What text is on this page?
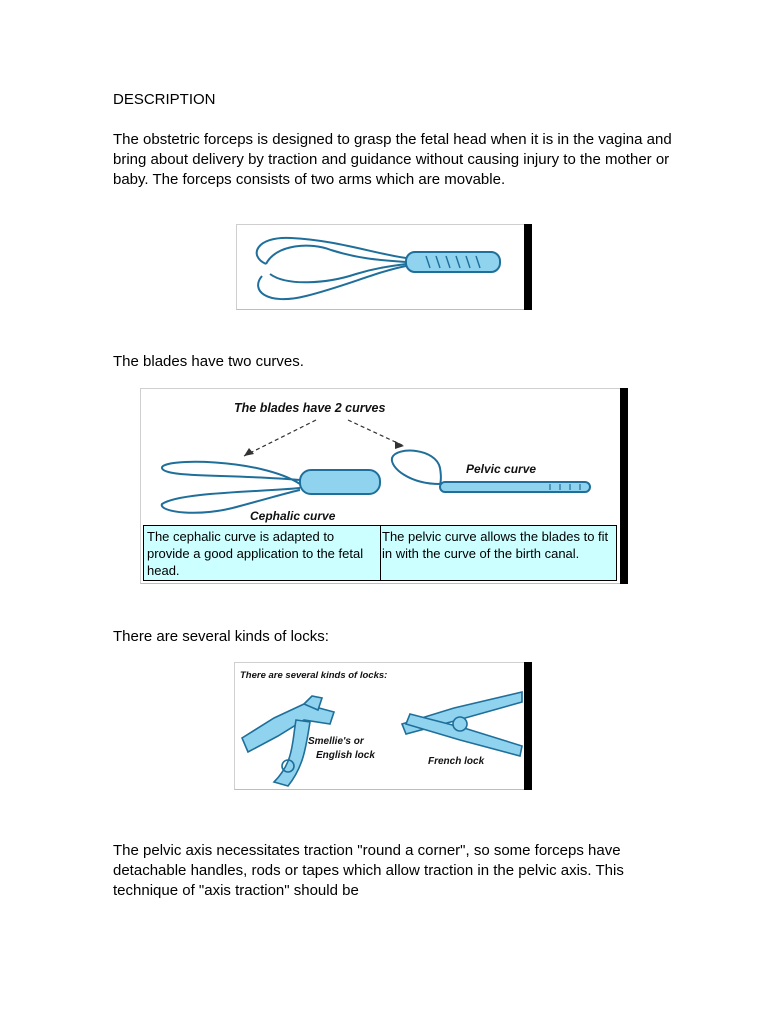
DESCRIPTION

The obstetric forceps is designed to grasp the fetal head when it is in the vagina and bring about delivery by traction and guidance without causing injury to the mother or baby. The forceps consists of two arms which are movable.

The blades have two curves.

The blades have 2 curves
Pelvic curve
Cephalic curve
The cephalic curve is adapted to provide a good application to the fetal head.
The pelvic curve allows the blades to fit in with the curve of the birth canal.

There are several kinds of locks:

There are several kinds of locks:
Smellie's or
English lock
French lock

The pelvic axis necessitates traction "round a corner", so some forceps have detachable handles, rods or tapes which allow traction in the pelvic axis. This technique of "axis traction" should be
